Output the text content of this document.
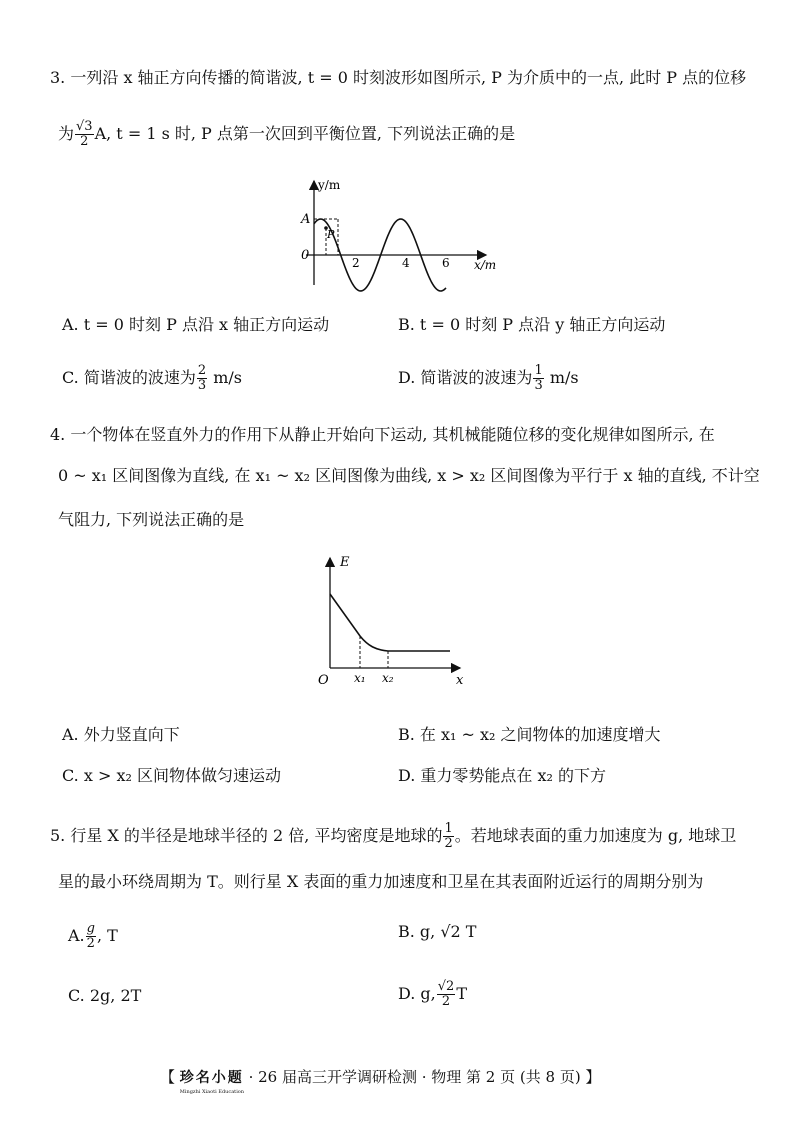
3. 一列沿 x 轴正方向传播的简谐波, t = 0 时刻波形如图所示, P 为介质中的一点, 此时 P 点的位移
为 $\frac{√3}{2} A$, t = 1 s 时, P 点第一次回到平衡位置, 下列说法正确的是
y/m
x/m
0
A
P
2	4	6
A. t = 0 时刻 P 点沿 x 轴正方向运动	B. t = 0 时刻 P 点沿 y 轴正方向运动
C. 简谐波的波速为 $\frac{2}{3} m/s$	D. 简谐波的波速为 $\frac{1}{3} m/s$
4. 一个物体在竖直外力的作用下从静止开始向下运动, 其机械能随位移的变化规律如图所示, 在
0 ~ x₁ 区间图像为直线, 在 x₁ ~ x₂ 区间图像为曲线, x > x₂ 区间图像为平行于 x 轴的直线, 不计空
气阻力, 下列说法正确的是
E
x
O x₁ x₂
A. 外力竖直向下	B. 在 x₁ ~ x₂ 之间物体的加速度增大
C. x > x₂ 区间物体做匀速运动	D. 重力零势能点在 x₂ 的下方
5. 行星 X 的半径是地球半径的 2 倍, 平均密度是地球的 $\frac{1}{2}$ 。若地球表面的重力加速度为 g, 地球卫
星的最小环绕周期为 T。则行星 X 表面的重力加速度和卫星在其表面附近运行的周期分别为
A. $\frac{g}{2}$ , T	B. g, √2 T
C. 2g, 2T	D. g, $\frac{√2}{2}$ T
【 珍名小题
Mingzhi Xiaoti Education
· 26 届高三开学调研检测 · 物理 第 2 页 (共 8 页) 】
